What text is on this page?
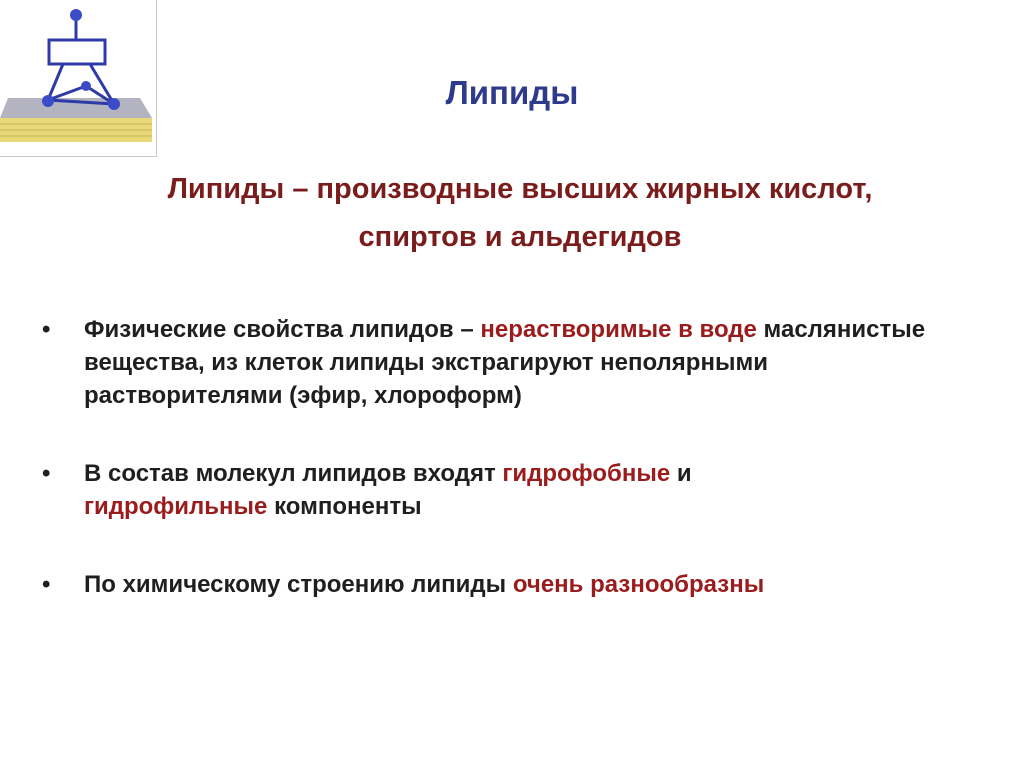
Липиды
Липиды – производные высших жирных кислот,
спиртов и альдегидов
• Физические свойства липидов – нерастворимые в воде маслянистые вещества, из клеток липиды экстрагируют неполярными растворителями (эфир, хлороформ)
• В состав молекул липидов входят гидрофобные и
гидрофильные компоненты
• По химическому строению липиды очень разнообразны
